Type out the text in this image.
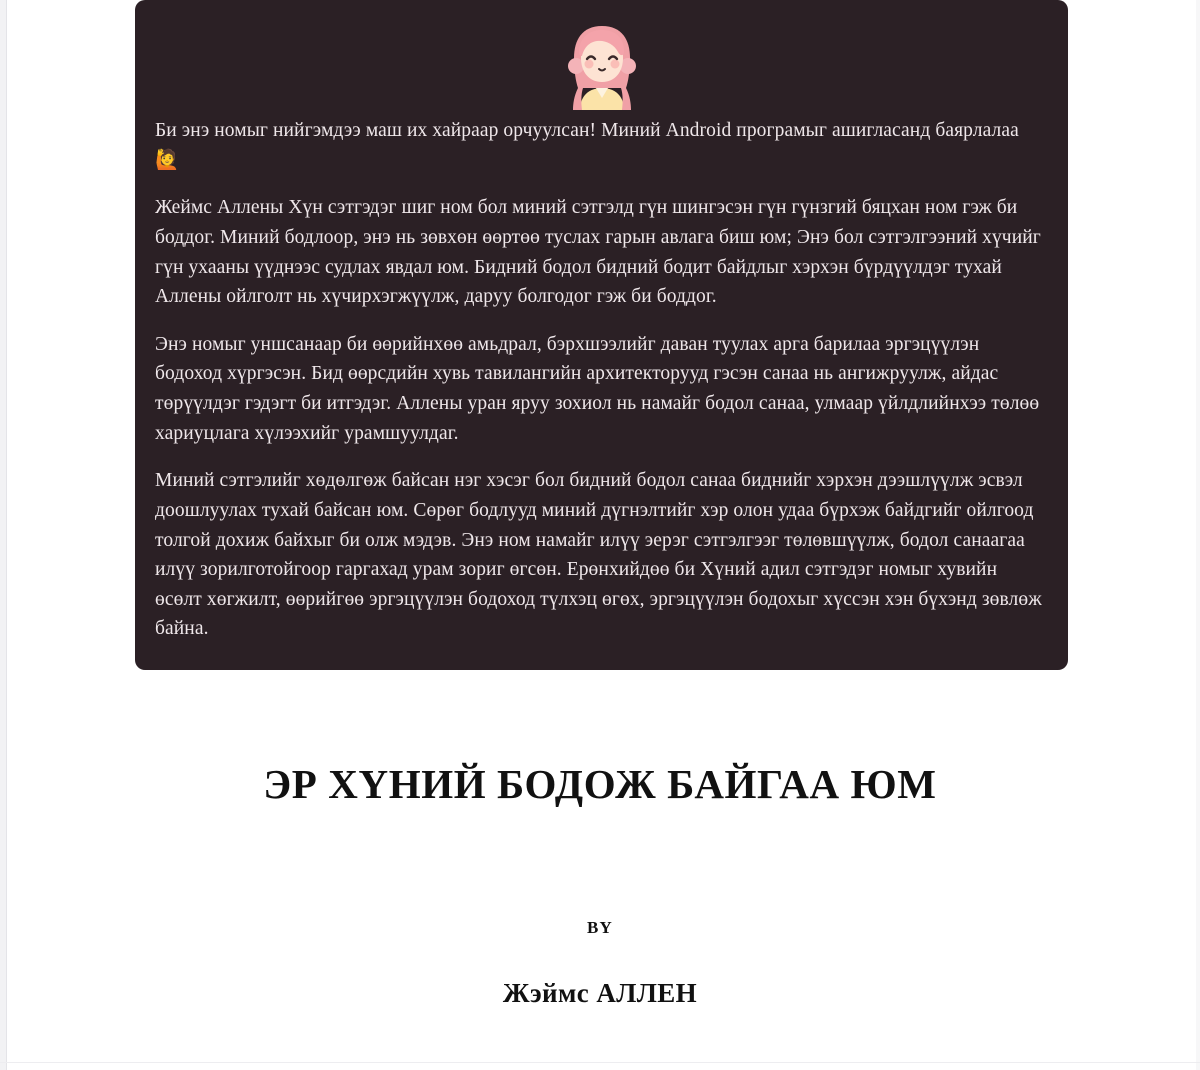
Би энэ номыг нийгэмдээ маш их хайраар орчуулсан! Миний Android програмыг ашигласанд баярлалаа 🙋

Жеймс Аллены Хүн сэтгэдэг шиг ном бол миний сэтгэлд гүн шингэсэн гүн гүнзгий бяцхан ном гэж би боддог. Миний бодлоор, энэ нь зөвхөн өөртөө туслах гарын авлага биш юм; Энэ бол сэтгэлгээний хүчийг гүн ухааны үүднээс судлах явдал юм. Бидний бодол бидний бодит байдлыг хэрхэн бүрдүүлдэг тухай Аллены ойлголт нь хүчирхэгжүүлж, даруу болгодог гэж би боддог.

Энэ номыг уншсанаар би өөрийнхөө амьдрал, бэрхшээлийг даван туулах арга барилаа эргэцүүлэн бодоход хүргэсэн. Бид өөрсдийн хувь тавилангийн архитекторууд гэсэн санаа нь ангижруулж, айдас төрүүлдэг гэдэгт би итгэдэг. Аллены уран яруу зохиол нь намайг бодол санаа, улмаар үйлдлийнхээ төлөө хариуцлага хүлээхийг урамшуулдаг.

Миний сэтгэлийг хөдөлгөж байсан нэг хэсэг бол бидний бодол санаа биднийг хэрхэн дээшлүүлж эсвэл доошлуулах тухай байсан юм. Сөрөг бодлууд миний дүгнэлтийг хэр олон удаа бүрхэж байдгийг ойлгоод толгой дохиж байхыг би олж мэдэв. Энэ ном намайг илүү эерэг сэтгэлгээг төлөвшүүлж, бодол санаагаа илүү зорилготойгоор гаргахад урам зориг өгсөн. Ерөнхийдөө би Хүний адил сэтгэдэг номыг хувийн өсөлт хөгжилт, өөрийгөө эргэцүүлэн бодоход түлхэц өгөх, эргэцүүлэн бодохыг хүссэн хэн бүхэнд зөвлөж байна.

ЭР ХҮНИЙ БОДОЖ БАЙГАА ЮМ
BY
Жэймс АЛЛЕН
